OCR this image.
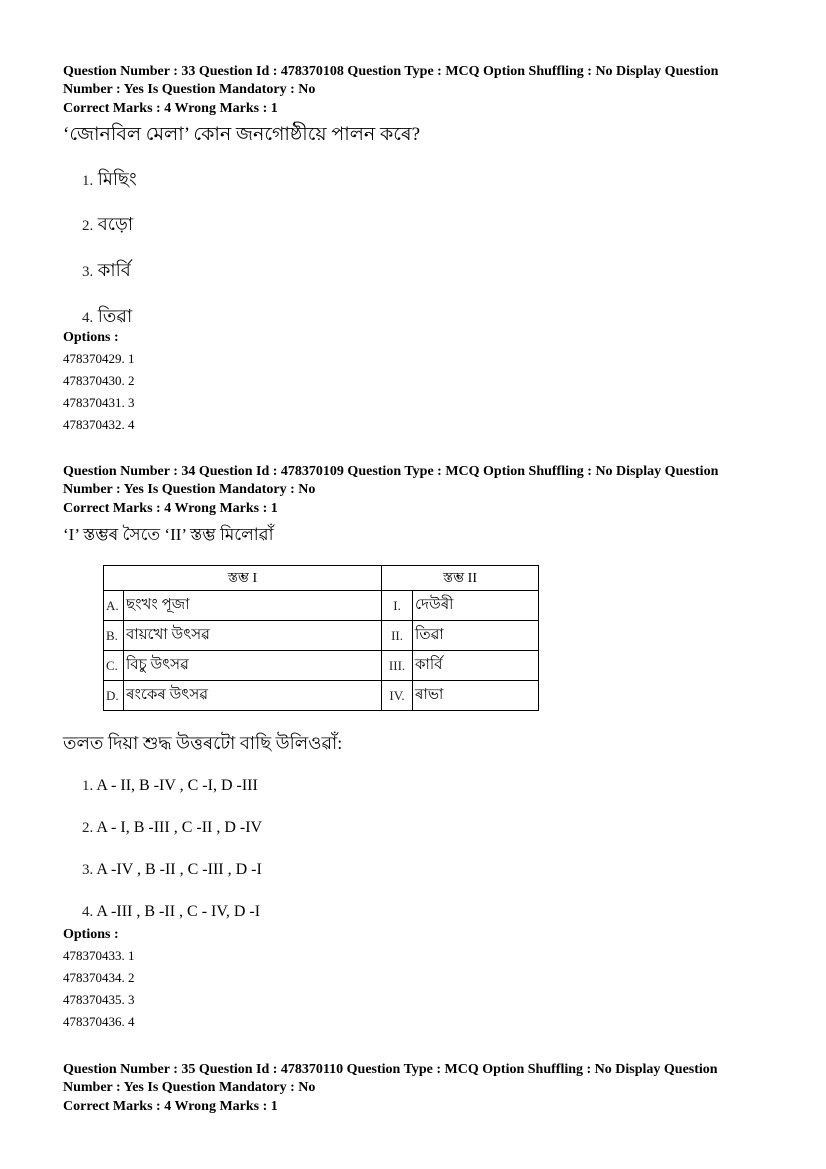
Question Number : 33 Question Id : 478370108 Question Type : MCQ Option Shuffling : No Display Question
Number : Yes Is Question Mandatory : No
Correct Marks : 4 Wrong Marks : 1
‘জোনবিল মেলা’ কোন জনগোষ্ঠীয়ে পালন কৰে?
1. মিছিং
2. বড়ো
3. কাৰ্বি
4. তিৱা
Options :
478370429. 1
478370430. 2
478370431. 3
478370432. 4
Question Number : 34 Question Id : 478370109 Question Type : MCQ Option Shuffling : No Display Question
Number : Yes Is Question Mandatory : No
Correct Marks : 4 Wrong Marks : 1
‘I’ স্তম্ভৰ সৈতে ‘II’ স্তম্ভ মিলোৱাঁ
স্তম্ভ I		স্তম্ভ II	
A.	ছংখং পূজা	I.	দেউৰী
B.	বায়খো উৎসৱ	II.	তিৱা
C.	বিচু উৎসৱ	III.	কাৰ্বি
D.	ৰংকেৰ উৎসৱ	IV.	ৰাভা
তলত দিয়া শুদ্ধ উত্তৰটো বাছি উলিওৱাঁ:
1. A - II, B -IV , C -I, D -III
2. A - I, B -III , C -II , D -IV
3. A -IV , B -II , C -III , D -I
4. A -III , B -II , C - IV, D -I
Options :
478370433. 1
478370434. 2
478370435. 3
478370436. 4
Question Number : 35 Question Id : 478370110 Question Type : MCQ Option Shuffling : No Display Question
Number : Yes Is Question Mandatory : No
Correct Marks : 4 Wrong Marks : 1
